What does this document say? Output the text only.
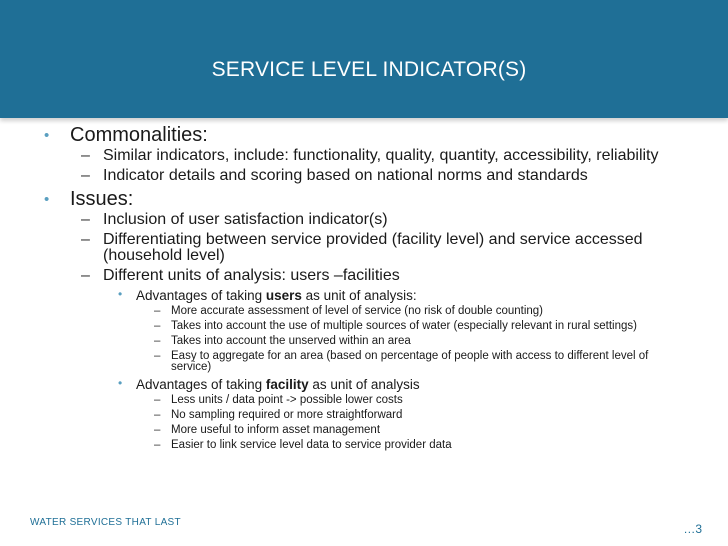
SERVICE LEVEL INDICATOR(S)
• Commonalities:
– Similar indicators, include: functionality, quality, quantity, accessibility, reliability
– Indicator details and scoring based on national norms and standards
• Issues:
– Inclusion of user satisfaction indicator(s)
– Differentiating between service provided (facility level) and service accessed (household level)
– Different units of analysis: users –facilities
• Advantages of taking users as unit of analysis:
– More accurate assessment of level of service (no risk of double counting)
– Takes into account the use of multiple sources of water (especially relevant in rural settings)
– Takes into account the unserved within an area
– Easy to aggregate for an area (based on percentage of people with access to different level of service)
• Advantages of taking facility as unit of analysis
– Less units / data point -> possible lower costs
– No sampling required or more straightforward
– More useful to inform asset management
– Easier to link service level data to service provider data
WATER SERVICES THAT LAST	…3
